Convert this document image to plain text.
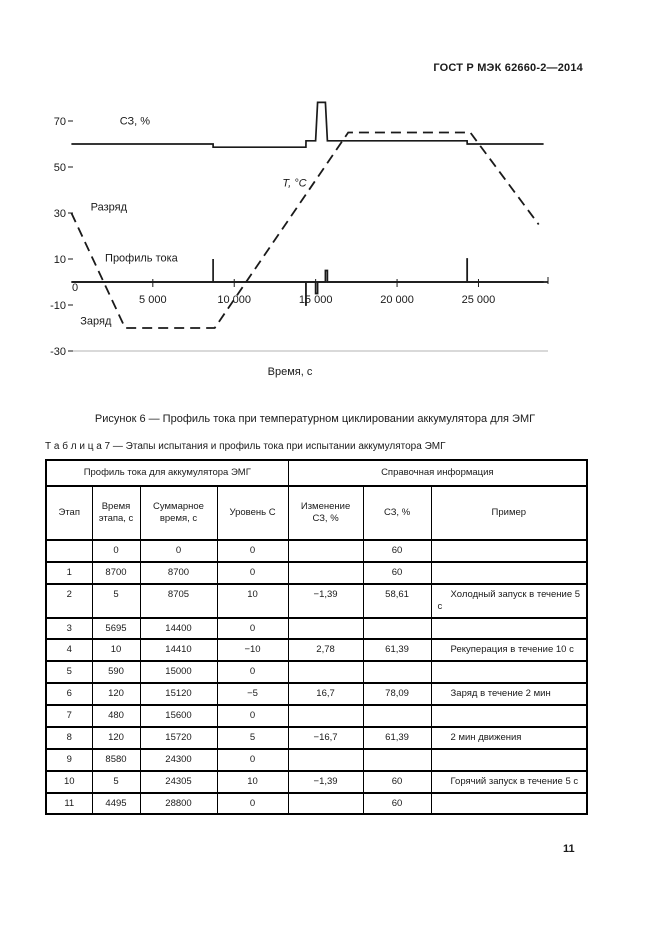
ГОСТ Р МЭК 62660-2—2014
70
50
30
10
-10
-30
0
5 000	10 000	15 000	20 000	25 000
Время, с
СЗ, %
T, °C
Разряд
Профиль тока
Заряд
Рисунок 6 — Профиль тока при температурном циклировании аккумулятора для ЭМГ
Т а б л и ц а 7 — Этапы испытания и профиль тока при испытании аккумулятора ЭМГ
Профиль тока для аккумулятора ЭМГ				Справочная информация		
Этап	Время этапа, с	Суммарное время, с	Уровень С	Изменение СЗ, %	СЗ, %	Пример
	0	0	0		60	
1	8700	8700	0		60	
2	5	8705	10	−1,39	58,61	Холодный запуск в течение 5 с
3	5695	14400	0			
4	10	14410	−10	2,78	61,39	Рекуперация в течение 10 с
5	590	15000	0			
6	120	15120	−5	16,7	78,09	Заряд в течение 2 мин
7	480	15600	0			
8	120	15720	5	−16,7	61,39	2 мин движения
9	8580	24300	0			
10	5	24305	10	−1,39	60	Горячий запуск в течение 5 с
11	4495	28800	0		60	
11
